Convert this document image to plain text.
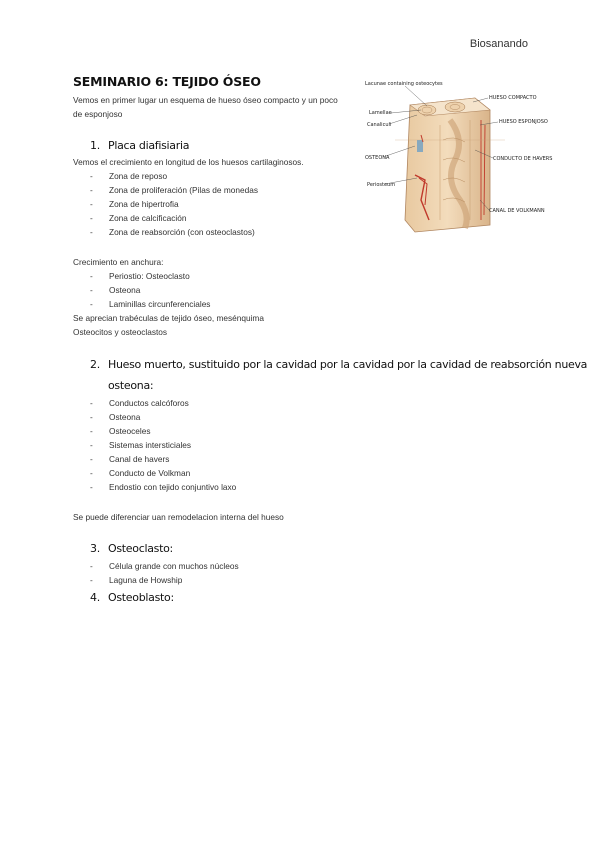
Biosanando
SEMINARIO 6: TEJIDO ÓSEO

Vemos en primer lugar un esquema de hueso óseo compacto y un poco de esponjoso

Lacunae containing osteocytes
Lamellae
Canaliculi
OSTEONA
Periosteum
HUESO COMPACTO
HUESO ESPONJOSO
CONDUCTO DE HAVERS
CANAL DE VOLKMANN
1. Placa diafisiaria

Vemos el crecimiento en longitud de los huesos cartilaginosos.

- Zona de reposo
- Zona de proliferación (Pilas de monedas
- Zona de hipertrofia
- Zona de calcificación
- Zona de reabsorción (con osteoclastos)

Crecimiento en anchura:

- Periostio: Osteoclasto
- Osteona
- Laminillas circunferenciales

Se aprecian trabéculas de tejido óseo, mesénquima

Osteocitos y osteoclastos

2. Hueso muerto, sustituido por la cavidad por la cavidad por la cavidad de reabsorción nueva
osteona:
- Conductos calcóforos
- Osteona
- Osteoceles
- Sistemas intersticiales
- Canal de havers
- Conducto de Volkman
- Endostio con tejido conjuntivo laxo

Se puede diferenciar uan remodelacion interna del hueso

3. Osteoclasto:
- Célula grande con muchos núcleos
- Laguna de Howship
4. Osteoblasto:
